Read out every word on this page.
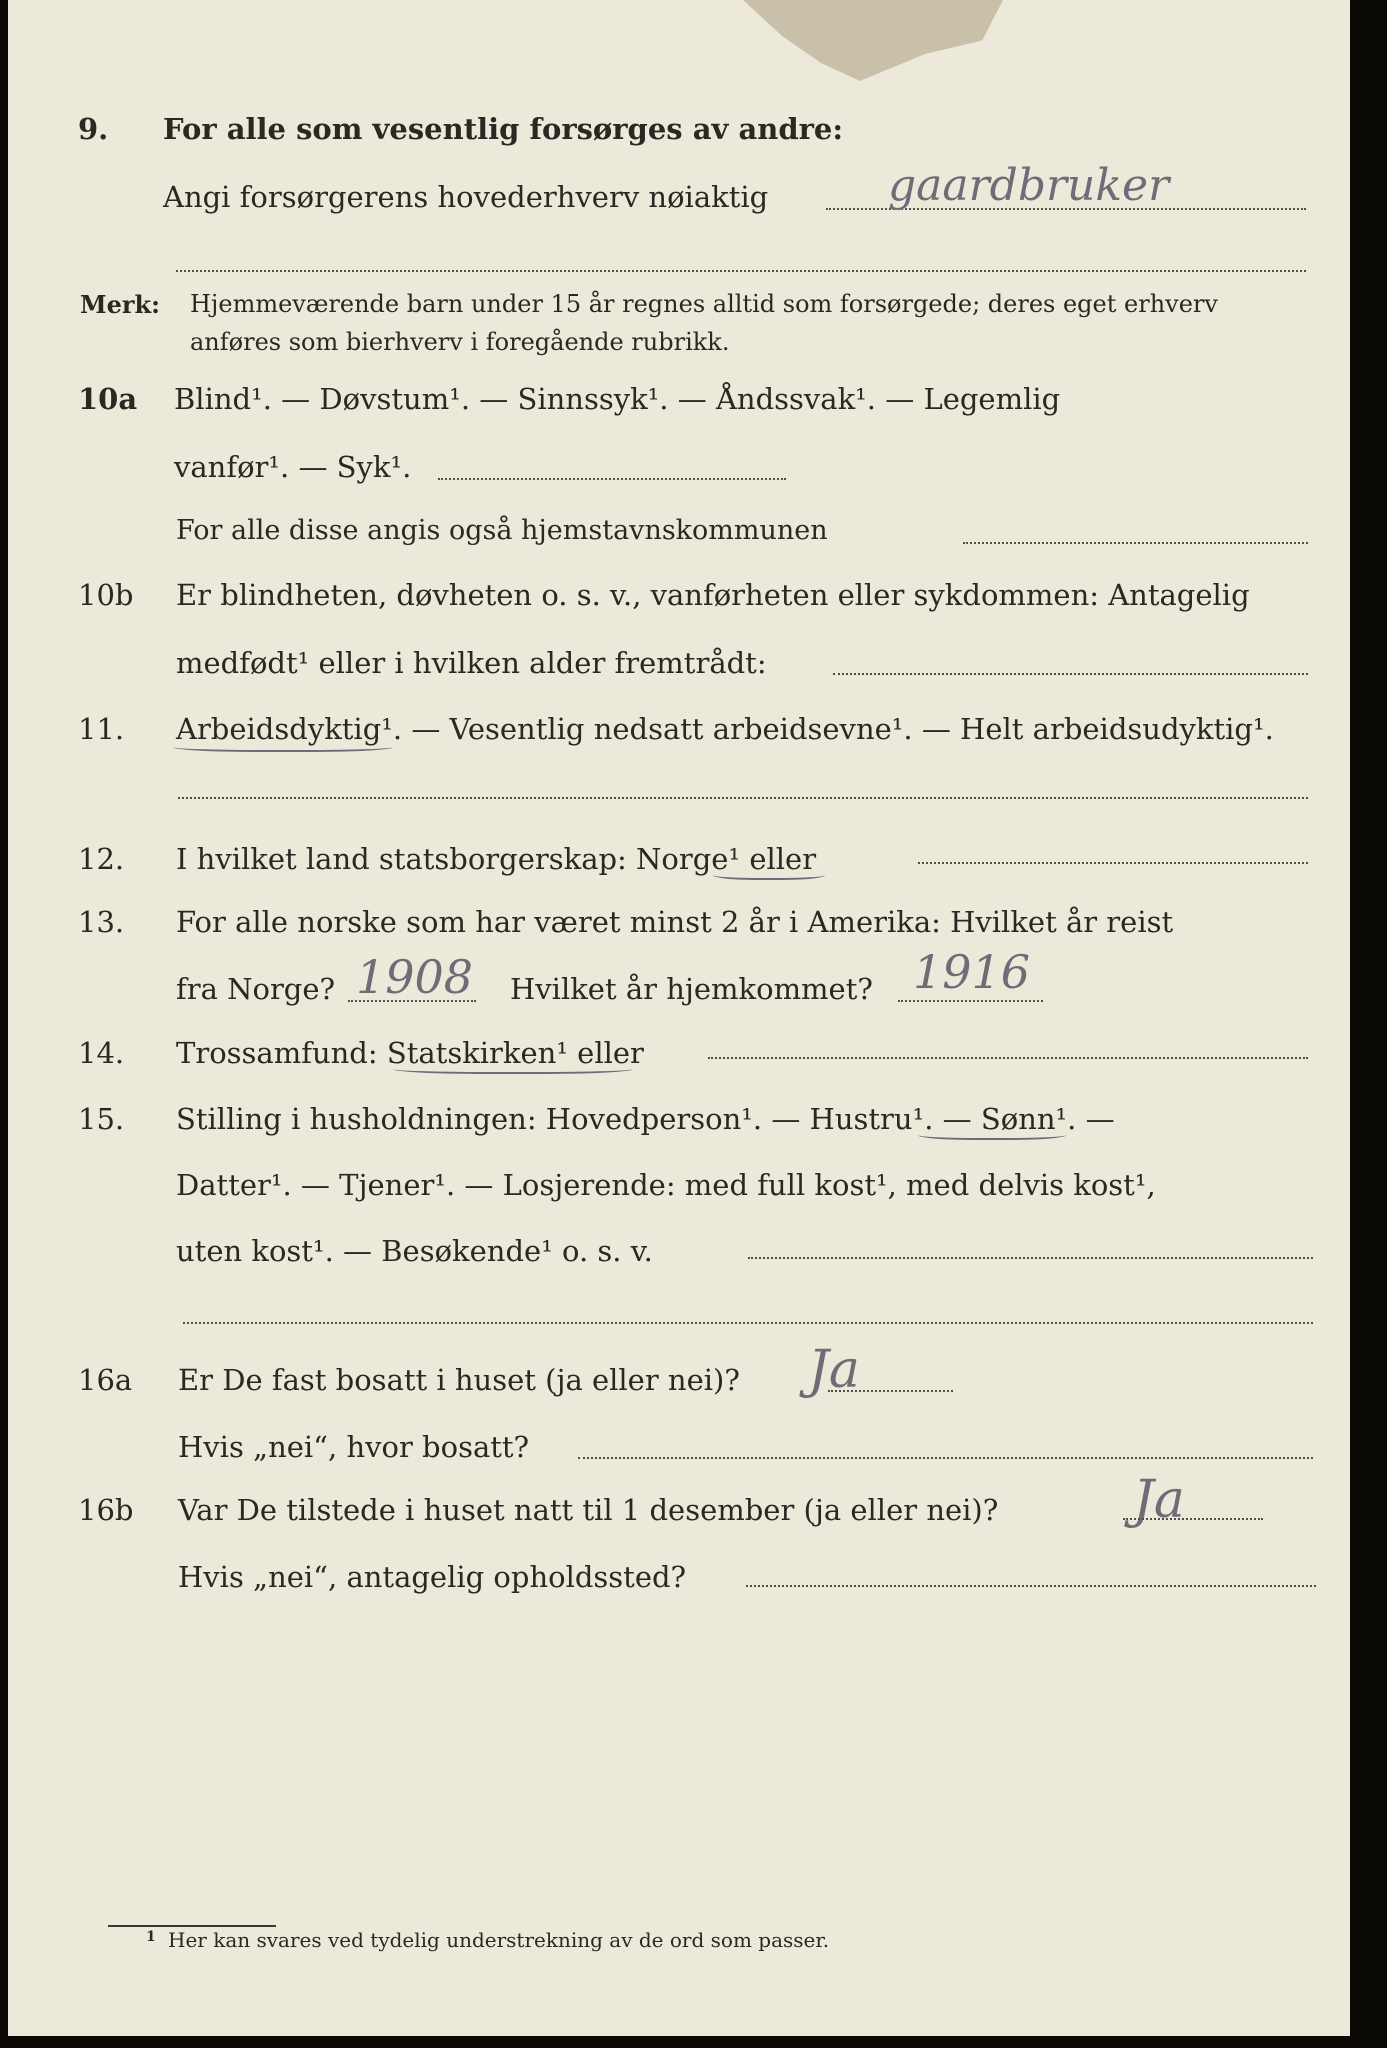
9. For alle som vesentlig forsørges av andre:
Angi forsørgerens hovederhverv nøiaktig	gaardbruker
Merk: Hjemmeværende barn under 15 år regnes alltid som forsørgede; deres eget erhverv
anføres som bierhverv i foregående rubrikk.
10a Blind¹. — Døvstum¹. — Sinnssyk¹. — Åndssvak¹. — Legemlig
vanfør¹. — Syk¹.
For alle disse angis også hjemstavnskommunen
10b Er blindheten, døvheten o. s. v., vanførheten eller sykdommen: Antagelig
medfødt¹ eller i hvilken alder fremtrådt:
11. Arbeidsdyktig¹. — Vesentlig nedsatt arbeidsevne¹. — Helt arbeidsudyktig¹.
12. I hvilket land statsborgerskap: Norge¹ eller
13. For alle norske som har været minst 2 år i Amerika: Hvilket år reist
fra Norge?	Hvilket år hjemkommet?
1908	1916
14. Trossamfund: Statskirken¹ eller
15. Stilling i husholdningen: Hovedperson¹. — Hustru¹. — Sønn¹. —
Datter¹. — Tjener¹. — Losjerende: med full kost¹, med delvis kost¹,
uten kost¹. — Besøkende¹ o. s. v.
16a Er De fast bosatt i huset (ja eller nei)? Ja
Hvis „nei“, hvor bosatt?
16b Var De tilstede i huset natt til 1 desember (ja eller nei)?	Ja
Hvis „nei“, antagelig opholdssted?
1 Her kan svares ved tydelig understrekning av de ord som passer.
